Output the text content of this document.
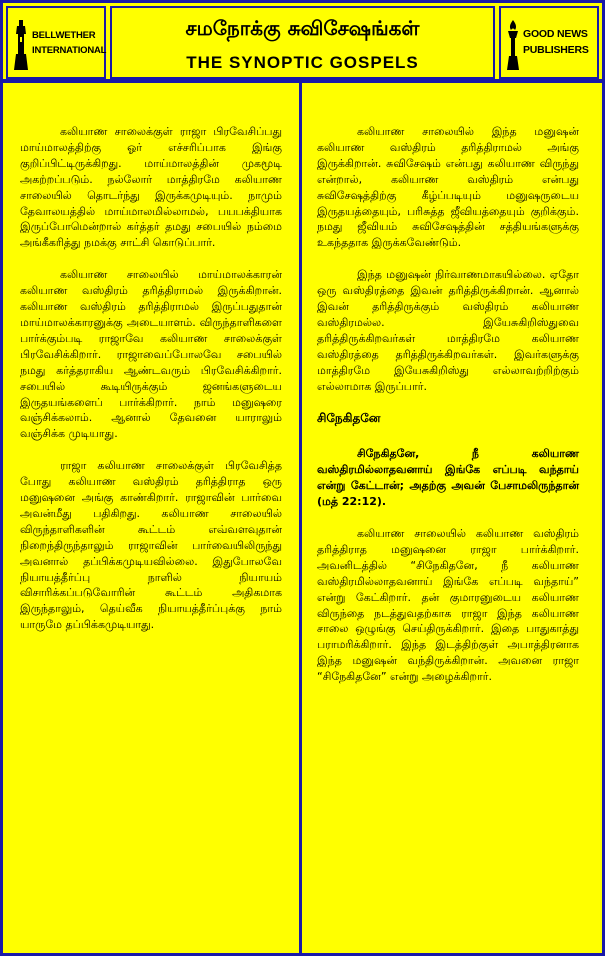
BELLWETHER
INTERNATIONAL
சமநோக்கு சுவிசேஷங்கள்
THE SYNOPTIC GOSPELS
GOOD NEWS
PUBLISHERS

கலியாண சாலைக்குள் ராஜா பிரவேசிப்பது மாய்மாலத்திற்கு ஓர் எச்சரிப்பாக இங்கு குறிப்பிட்டிருக்கிறது. மாய்மாலத்தின் முகமூடி அகற்றப்படும். நல்லோர் மாத்திரமே கலியாண சாலையில் தொடர்ந்து இருக்கமுடியும். நாமும் தேவாலயத்தில் மாய்மாலமில்லாமல், பயபக்தியாக இருப்போமென்றால் கர்த்தர் தமது சபையில் நம்மை அங்கீகரித்து நமக்கு சாட்சி கொடுப்பார்.

கலியாண சாலையில் மாய்மாலக்காரன் கலியாண வஸ்திரம் தரித்திராமல் இருக்கிறான். கலியாண வஸ்திரம் தரித்திராமல் இருப்பதுதான் மாய்மாலக்காரனுக்கு அடையாளம். விருந்தாளிகளை பார்க்கும்படி ராஜாவே கலியாண சாலைக்குள் பிரவேசிக்கிறார். ராஜாவைப்போலவே சபையில் நமது கர்த்தராகிய ஆண்டவரும் பிரவேசிக்கிறார். சபையில் கூடியிருக்கும் ஜனங்களுடைய இருதயங்களைப் பார்க்கிறார். நாம் மனுஷரை வஞ்சிக்கலாம். ஆனால் தேவனை யாராலும் வஞ்சிக்க முடியாது.

ராஜா கலியாண சாலைக்குள் பிரவேசித்த போது கலியாண வஸ்திரம் தரித்திராத ஒரு மனுஷனை அங்கு காண்கிறார். ராஜாவின் பார்வை அவன்மீது பதிகிறது. கலியாண சாலையில் விருந்தாளிகளின் கூட்டம் எவ்வளவுதான் நிறைந்திருந்தாலும் ராஜாவின் பார்வையிலிருந்து அவனால் தப்பிக்கமுடியவில்லை. இதுபோலவே நியாயத்தீர்ப்பு நாளில் நியாயம் விசாரிக்கப்படுவோரின் கூட்டம் அதிகமாக இருந்தாலும், தெய்வீக நியாயத்தீர்ப்புக்கு நாம் யாருமே தப்பிக்கமுடியாது.

கலியாண சாலையில் இந்த மனுஷன் கலியாண வஸ்திரம் தரித்திராமல் அங்கு இருக்கிறான். சுவிசேஷம் என்பது கலியாண விருந்து என்றால், கலியாண வஸ்திரம் என்பது சுவிசேஷத்திற்கு கீழ்ப்படியும் மனுஷருடைய இருதயத்தையும், பரிசுத்த ஜீவியத்தையும் குறிக்கும். நமது ஜீவியம் சுவிசேஷத்தின் சத்தியங்களுக்கு உகந்ததாக இருக்கவேண்டும்.

இந்த மனுஷன் நிர்வாணமாகயில்லை. ஏதோ ஒரு வஸ்திரத்தை இவன் தரித்திருக்கிறான். ஆனால் இவன் தரித்திருக்கும் வஸ்திரம் கலியாண வஸ்திரமல்ல. இயேசுகிறிஸ்துவை தரித்திருக்கிறவர்கள் மாத்திரமே கலியாண வஸ்திரத்தை தரித்திருக்கிறவர்கள். இவர்களுக்கு மாத்திரமே இயேசுகிறிஸ்து எல்லாவற்றிற்கும் எல்லாமாக இருப்பார்.

சிநேகிதனே

சிநேகிதனே, நீ கலியாண வஸ்திரமில்லாதவனாய் இங்கே எப்படி வந்தாய் என்று கேட்டான்; அதற்கு அவன் பேசாமலிருந்தான் (மத் 22:12).

கலியாண சாலையில் கலியாண வஸ்திரம் தரித்திராத மனுஷனை ராஜா பார்க்கிறார். அவனிடத்தில் “சிநேகிதனே, நீ கலியாண வஸ்திரமில்லாதவனாய் இங்கே எப்படி வந்தாய்” என்று கேட்கிறார். தன் குமாரனுடைய கலியாண விருந்தை நடத்துவதற்காக ராஜா இந்த கலியாண சாலை ஒழுங்கு செய்திருக்கிறார். இதை பாதுகாத்து பராமரிக்கிறார். இந்த இடத்திற்குள் அபாத்திரனாக இந்த மனுஷன் வந்திருக்கிறான். அவனை ராஜா “சிநேகிதனே” என்று அழைக்கிறார்.
